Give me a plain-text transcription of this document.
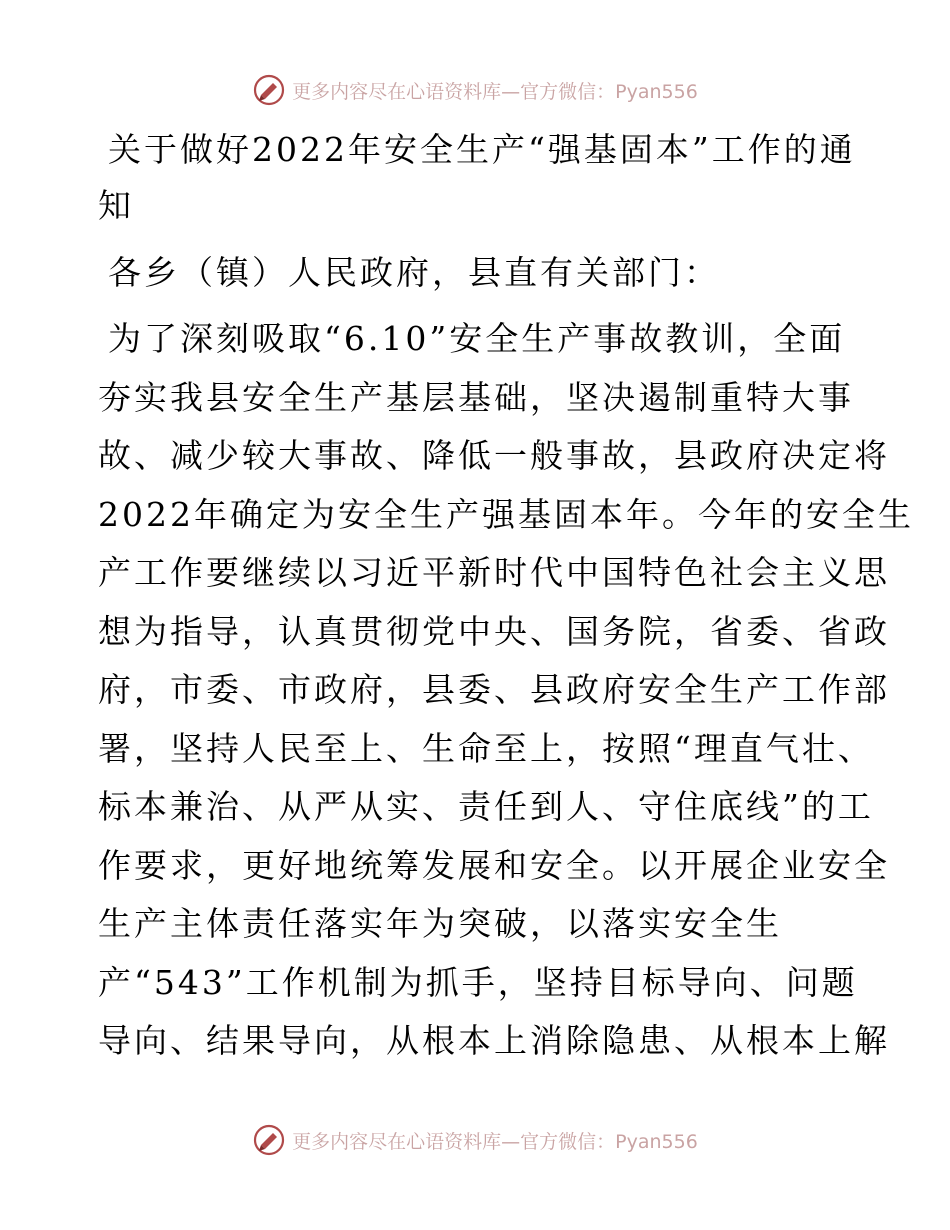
更多内容尽在心语资料库—官方微信：Pyan556
关于做好2022年安全生产“强基固本”工作的通
知

各乡（镇）人民政府，县直有关部门：

为了深刻吸取“6.10”安全生产事故教训，全面
夯实我县安全生产基层基础，坚决遏制重特大事
故、减少较大事故、降低一般事故，县政府决定将
2022年确定为安全生产强基固本年。今年的安全生
产工作要继续以习近平新时代中国特色社会主义思
想为指导，认真贯彻党中央、国务院，省委、省政
府，市委、市政府，县委、县政府安全生产工作部
署，坚持人民至上、生命至上，按照“理直气壮、
标本兼治、从严从实、责任到人、守住底线”的工
作要求，更好地统筹发展和安全。以开展企业安全
生产主体责任落实年为突破，以落实安全生
产“543”工作机制为抓手，坚持目标导向、问题
导向、结果导向，从根本上消除隐患、从根本上解

更多内容尽在心语资料库—官方微信：Pyan556
